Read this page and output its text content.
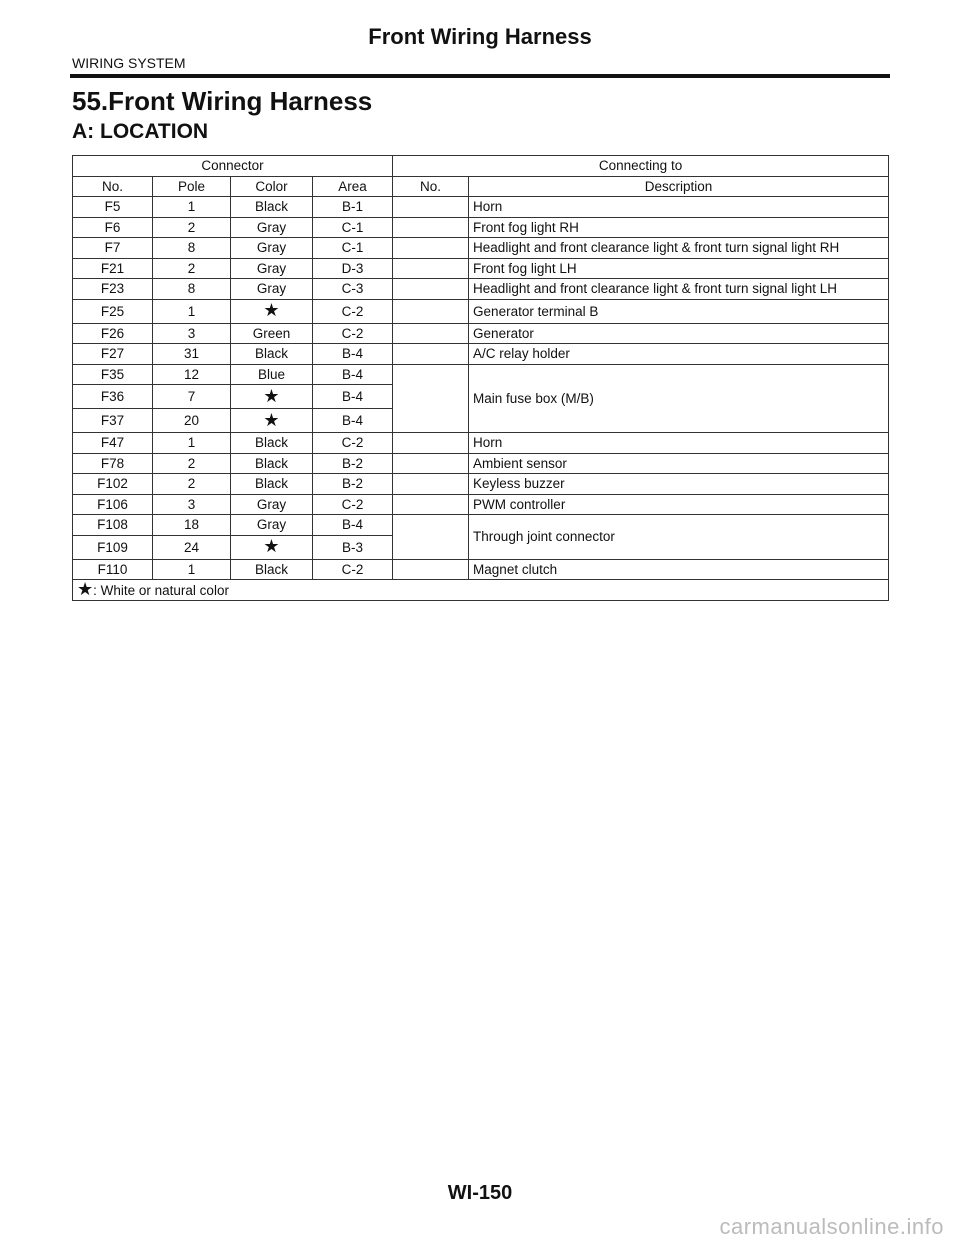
Front Wiring Harness
WIRING SYSTEM
55.Front Wiring Harness
A: LOCATION
Connector				Connecting to	
No.	Pole	Color	Area	No.	Description
F5	1	Black	B-1		Horn
F6	2	Gray	C-1		Front fog light RH
F7	8	Gray	C-1		Headlight and front clearance light & front turn signal light RH
F21	2	Gray	D-3		Front fog light LH
F23	8	Gray	C-3		Headlight and front clearance light & front turn signal light LH
F25	1	★	C-2		Generator terminal B
F26	3	Green	C-2		Generator
F27	31	Black	B-4		A/C relay holder
F35	12	Blue	B-4		Main fuse box (M/B)
F36	7	★	B-4		
F37	20	★	B-4		
F47	1	Black	C-2		Horn
F78	2	Black	B-2		Ambient sensor
F102	2	Black	B-2		Keyless buzzer
F106	3	Gray	C-2		PWM controller
F108	18	Gray	B-4		Through joint connector
F109	24	★	B-3		
F110	1	Black	C-2		Magnet clutch
★: White or natural color					
WI-150
carmanualsonline.info
